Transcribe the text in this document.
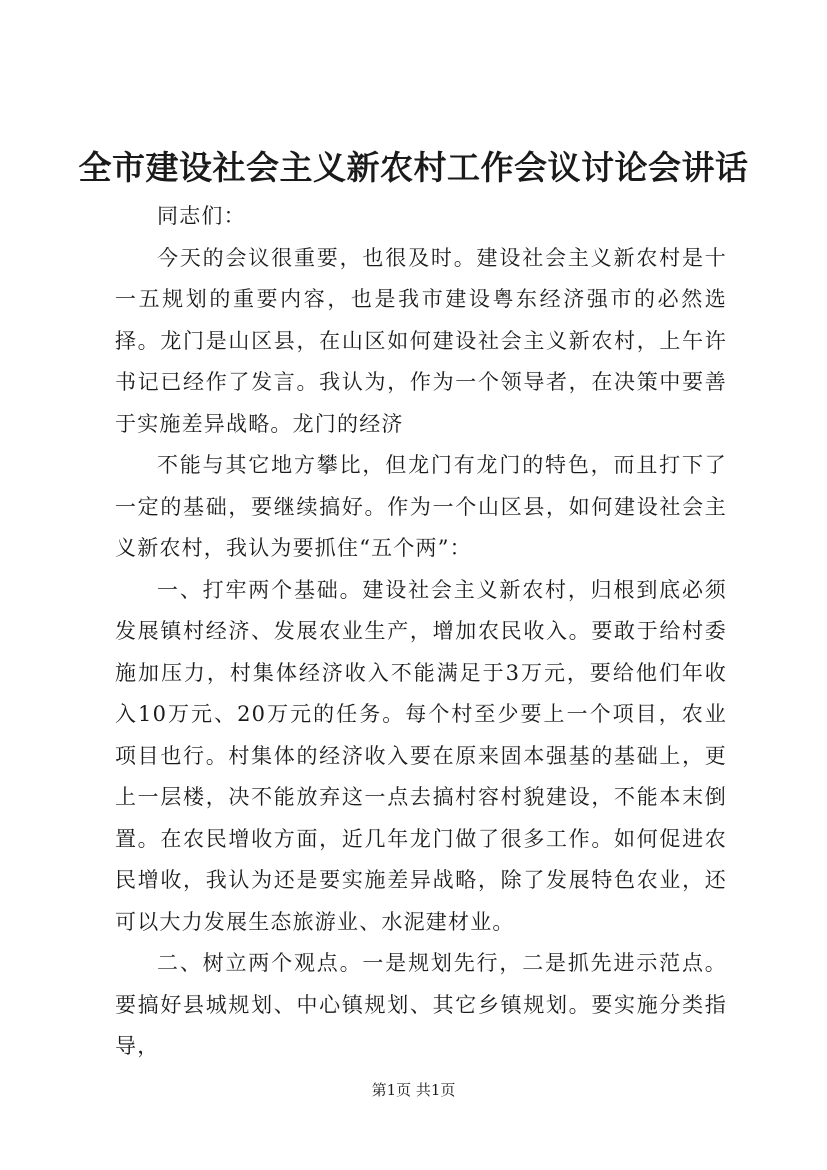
全市建设社会主义新农村工作会议讨论会讲话

同志们：

今天的会议很重要，也很及时。建设社会主义新农村是十一五规划的重要内容，也是我市建设粤东经济强市的必然选择。龙门是山区县，在山区如何建设社会主义新农村，上午许书记已经作了发言。我认为，作为一个领导者，在决策中要善于实施差异战略。龙门的经济

不能与其它地方攀比，但龙门有龙门的特色，而且打下了一定的基础，要继续搞好。作为一个山区县，如何建设社会主义新农村，我认为要抓住“五个两”：

一、打牢两个基础。建设社会主义新农村，归根到底必须发展镇村经济、发展农业生产，增加农民收入。要敢于给村委施加压力，村集体经济收入不能满足于3万元，要给他们年收入10万元、20万元的任务。每个村至少要上一个项目，农业项目也行。村集体的经济收入要在原来固本强基的基础上，更上一层楼，决不能放弃这一点去搞村容村貌建设，不能本末倒置。在农民增收方面，近几年龙门做了很多工作。如何促进农民增收，我认为还是要实施差异战略，除了发展特色农业，还可以大力发展生态旅游业、水泥建材业。

二、树立两个观点。一是规划先行，二是抓先进示范点。要搞好县城规划、中心镇规划、其它乡镇规划。要实施分类指导，

第1页 共1页
